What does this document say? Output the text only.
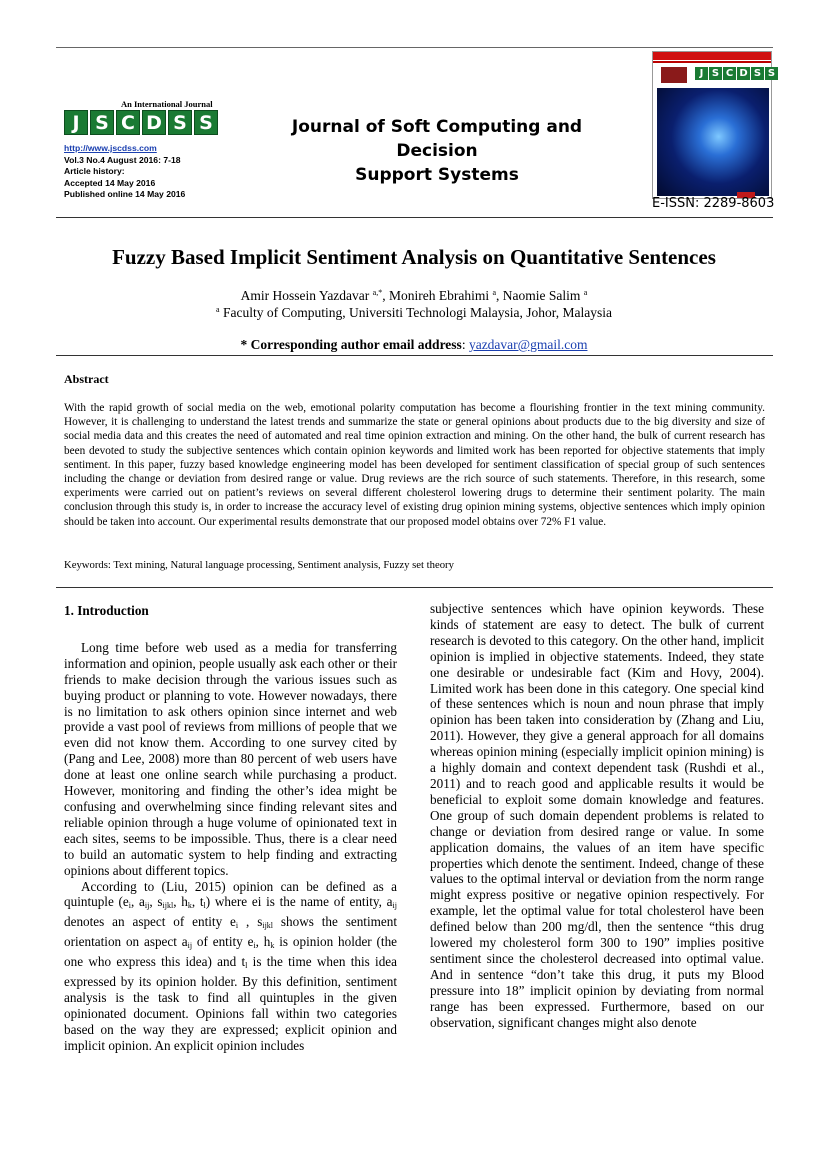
An International Journal
J S C D S S
http://www.jscdss.com
Vol.3 No.4 August 2016: 7-18
Article history:
Accepted 14 May 2016
Published online 14 May 2016
Journal of Soft Computing and Decision
Support Systems
J S C D S S
E-ISSN: 2289-8603
Fuzzy Based Implicit Sentiment Analysis on Quantitative Sentences
Amir Hossein Yazdavar $^{a,*}$, Monireh Ebrahimi $^a$, Naomie Salim $^a$
$^a$ Faculty of Computing, Universiti Technologi Malaysia, Johor, Malaysia
* Corresponding author email address: yazdavar@gmail.com
Abstract
With the rapid growth of social media on the web, emotional polarity computation has become a flourishing frontier in the text mining community. However, it is challenging to understand the latest trends and summarize the state or general opinions about products due to the big diversity and size of social media data and this creates the need of automated and real time opinion extraction and mining. On the other hand, the bulk of current research has been devoted to study the subjective sentences which contain opinion keywords and limited work has been reported for objective statements that imply sentiment. In this paper, fuzzy based knowledge engineering model has been developed for sentiment classification of special group of such sentences including the change or deviation from desired range or value. Drug reviews are the rich source of such statements. Therefore, in this research, some experiments were carried out on patient’s reviews on several different cholesterol lowering drugs to determine their sentiment polarity. The main conclusion through this study is, in order to increase the accuracy level of existing drug opinion mining systems, objective sentences which imply opinion should be taken into account. Our experimental results demonstrate that our proposed model obtains over 72% F1 value.
Keywords: Text mining, Natural language processing, Sentiment analysis, Fuzzy set theory
1. Introduction

Long time before web used as a media for transferring information and opinion, people usually ask each other or their friends to make decision through the various issues such as buying product or planning to vote. However nowadays, there is no limitation to ask others opinion since internet and web provide a vast pool of reviews from millions of people that we even did not know them. According to one survey cited by (Pang and Lee, 2008) more than 80 percent of web users have done at least one online search while purchasing a product. However, monitoring and finding the other’s idea might be confusing and overwhelming since finding relevant sites and reliable opinion through a huge volume of opinionated text in each sites, seems to be impossible. Thus, there is a clear need to build an automatic system to help finding and extracting opinions about different topics.

According to (Liu, 2015) opinion can be defined as a quintuple ($e_i$, $a_{ij}$, $s_{ijkl}$, $h_k$, $t_l$) where ei is the name of entity, $a_{ij}$ denotes an aspect of entity $e_i$ , $s_{ijkl}$ shows the sentiment orientation on aspect $a_{ij}$ of entity $e_i$, $h_k$ is opinion holder (the one who express this idea) and $t_l$ is the time when this idea expressed by its opinion holder. By this definition, sentiment analysis is the task to find all quintuples in the given opinionated document. Opinions fall within two categories based on the way they are expressed; explicit opinion and implicit opinion. An explicit opinion includes

subjective sentences which have opinion keywords. These kinds of statement are easy to detect. The bulk of current research is devoted to this category. On the other hand, implicit opinion is implied in objective statements. Indeed, they state one desirable or undesirable fact (Kim and Hovy, 2004). Limited work has been done in this category. One special kind of these sentences which is noun and noun phrase that imply opinion has been taken into consideration by (Zhang and Liu, 2011). However, they give a general approach for all domains whereas opinion mining (especially implicit opinion mining) is a highly domain and context dependent task (Rushdi et al., 2011) and to reach good and applicable results it would be beneficial to exploit some domain knowledge and features. One group of such domain dependent problems is related to change or deviation from desired range or value. In some application domains, the values of an item have specific properties which denote the sentiment. Indeed, change of these values to the optimal interval or deviation from the norm range might express positive or negative opinion respectively. For example, let the optimal value for total cholesterol have been defined below than 200 mg/dl, then the sentence “this drug lowered my cholesterol form 300 to 190” implies positive sentiment since the cholesterol decreased into optimal value. And in sentence “don’t take this drug, it puts my Blood pressure into 18” implicit opinion by deviating from normal range has been expressed. Furthermore, based on our observation, significant changes might also denote
